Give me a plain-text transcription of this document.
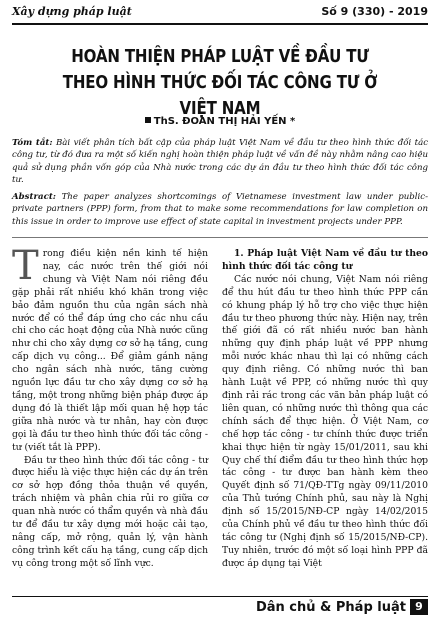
Xây dựng pháp luật	Số 9 (330) - 2019
HOÀN THIỆN PHÁP LUẬT VỀ ĐẦU TƯ
THEO HÌNH THỨC ĐỐI TÁC CÔNG TƯ Ở VIỆT NAM
ThS. ĐOÀN THỊ HẢI YẾN *
Tóm tắt: Bài viết phân tích bất cập của pháp luật Việt Nam về đầu tư theo hình thức đối tác công tư, từ đó đưa ra một số kiến nghị hoàn thiện pháp luật về vấn đề này nhằm nâng cao hiệu quả sử dụng phần vốn góp của Nhà nước trong các dự án đầu tư theo hình thức đối tác công tư.
Abstract: The paper analyzes shortcomings of Vietnamese investment law under public-private partners (PPP) form, from that to make some recommendations for law completion on this issue in order to improve use effect of state capital in investment projects under PPP.

Trong điều kiện nền kinh tế hiện nay, các nước trên thế giới nói chung và Việt Nam nói riêng đều gặp phải rất nhiều khó khăn trong việc bảo đảm nguồn thu của ngân sách nhà nước để có thể đáp ứng cho các nhu cầu chi cho các hoạt động của Nhà nước cũng như chi cho xây dựng cơ sở hạ tầng, cung cấp dịch vụ công... Để giảm gánh nặng cho ngân sách nhà nước, tăng cường nguồn lực đầu tư cho xây dựng cơ sở hạ tầng, một trong những biện pháp được áp dụng đó là thiết lập mối quan hệ hợp tác giữa nhà nước và tư nhân, hay còn được gọi là đầu tư theo hình thức đối tác công - tư (viết tắt là PPP).

Đầu tư theo hình thức đối tác công - tư được hiểu là việc thực hiện các dự án trên cơ sở hợp đồng thỏa thuận về quyền, trách nhiệm và phân chia rủi ro giữa cơ quan nhà nước có thẩm quyền và nhà đầu tư để đầu tư xây dựng mới hoặc cải tạo, nâng cấp, mở rộng, quản lý, vận hành công trình kết cấu hạ tầng, cung cấp dịch vụ công trong một số lĩnh vực.

1. Pháp luật Việt Nam về đầu tư theo hình thức đối tác công tư

Các nước nói chung, Việt Nam nói riêng để thu hút đầu tư theo hình thức PPP cần có khung pháp lý hỗ trợ cho việc thực hiện đầu tư theo phương thức này. Hiện nay, trên thế giới đã có rất nhiều nước ban hành những quy định pháp luật về PPP nhưng mỗi nước khác nhau thì lại có những cách quy định riêng. Có những nước thì ban hành Luật về PPP, có những nước thì quy định rải rác trong các văn bản pháp luật có liên quan, có những nước thì thông qua các chính sách để thực hiện. Ở Việt Nam, cơ chế hợp tác công - tư chính thức được triển khai thực hiện từ ngày 15/01/2011, sau khi Quy chế thí điểm đầu tư theo hình thức hợp tác công - tư được ban hành kèm theo Quyết định số 71/QĐ-TTg ngày 09/11/2010 của Thủ tướng Chính phủ, sau này là Nghị định số 15/2015/NĐ-CP ngày 14/02/2015 của Chính phủ về đầu tư theo hình thức đối tác công tư (Nghị định số 15/2015/NĐ-CP). Tuy nhiên, trước đó một số loại hình PPP đã được áp dụng tại Việt

Dân chủ & Pháp luật 9
